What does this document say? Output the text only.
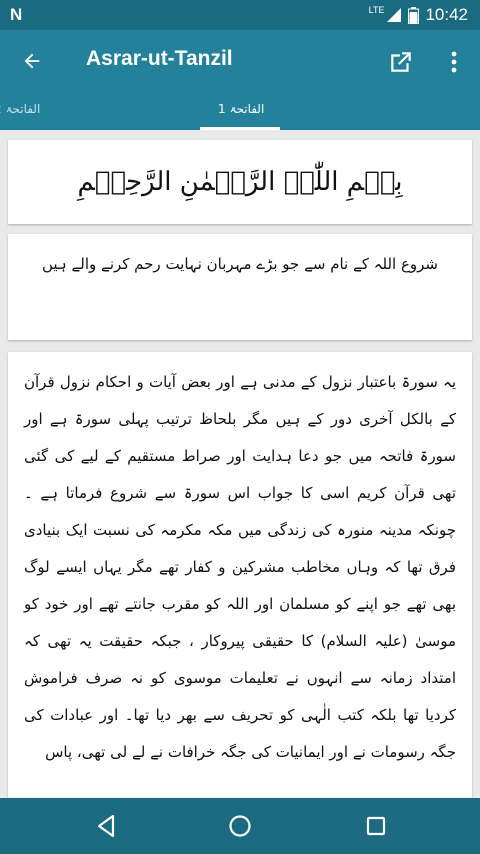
N	LTE 10:42
Asrar-ut-Tanzil
الفاتحۃ	الفاتحۃ 1
بِسۡمِ اللّٰہِ الرَّحۡمٰنِ الرَّحِیۡمِ
شروع اللہ کے نام سے جو بڑے مہربان نہایت رحم کرنے والے ہیں
یہ سورۃ باعتبار نزول کے مدنی ہے اور بعض آیات و احکام نزول قرآن کے بالکل آخری دور کے ہیں مگر بلحاظ ترتیب پہلی سورۃ ہے اور سورۃ فاتحہ میں جو دعا ہدایت اور صراط مستقیم کے لیے کی گئی تھی قرآن کریم اسی کا جواب اس سورۃ سے شروع فرماتا ہے ۔ چونکہ مدینہ منورہ کی زندگی میں مکہ مکرمہ کی نسبت ایک بنیادی فرق تھا کہ وہاں مخاطب مشرکین و کفار تھے مگر یہاں ایسے لوگ بھی تھے جو اپنے کو مسلمان اور اللہ کو مقرب جانتے تھے اور خود کو موسیٰ (علیہ السلام) کا حقیقی پیروکار ، جبکہ حقیقت یہ تھی کہ امتداد زمانہ سے انہوں نے تعلیمات موسوی کو نہ صرف فراموش کردیا تھا بلکہ کتب الٰہی کو تحریف سے بھر دیا تھا۔ اور عبادات کی جگہ رسومات نے اور ایمانیات کی جگہ خرافات نے لے لی تھی، پاس
